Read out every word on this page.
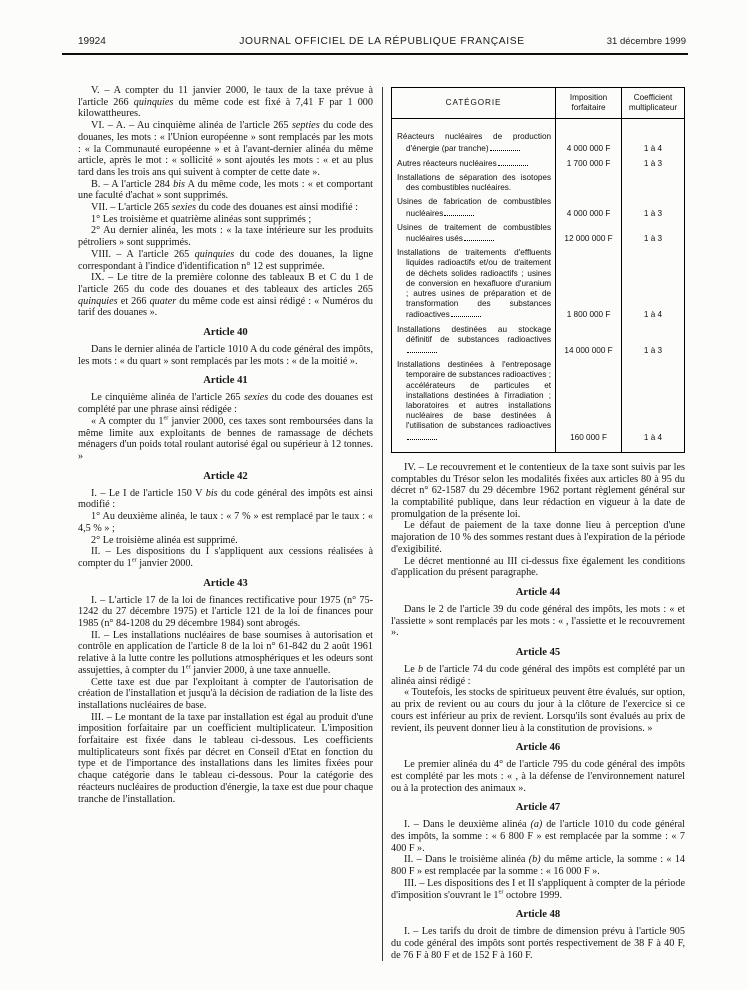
19924	JOURNAL OFFICIEL DE LA RÉPUBLIQUE FRANÇAISE	31 décembre 1999

V. – A compter du 11 janvier 2000, le taux de la taxe prévue à l'article 266 quinquies du même code est fixé à 7,41 F par 1 000 kilowattheures.

VI. – A. – Au cinquième alinéa de l'article 265 septies du code des douanes, les mots : « l'Union européenne » sont remplacés par les mots : « la Communauté européenne » et à l'avant-dernier alinéa du même article, après le mot : « sollicité » sont ajoutés les mots : « et au plus tard dans les trois ans qui suivent à compter de cette date ».

B. – A l'article 284 bis A du même code, les mots : « et comportant une faculté d'achat » sont supprimés.

VII. – L'article 265 sexies du code des douanes est ainsi modifié :

1° Les troisième et quatrième alinéas sont supprimés ;

2° Au dernier alinéa, les mots : « la taxe intérieure sur les produits pétroliers » sont supprimés.

VIII. – A l'article 265 quinquies du code des douanes, la ligne correspondant à l'indice d'identification n° 12 est supprimée.

IX. – Le titre de la première colonne des tableaux B et C du 1 de l'article 265 du code des douanes et des tableaux des articles 265 quinquies et 266 quater du même code est ainsi rédigé : « Numéros du tarif des douanes ».

Article 40

Dans le dernier alinéa de l'article 1010 A du code général des impôts, les mots : « du quart » sont remplacés par les mots : « de la moitié ».

Article 41

Le cinquième alinéa de l'article 265 sexies du code des douanes est complété par une phrase ainsi rédigée :

« A compter du 1er janvier 2000, ces taxes sont remboursées dans la même limite aux exploitants de bennes de ramassage de déchets ménagers d'un poids total roulant autorisé égal ou supérieur à 12 tonnes. »

Article 42

I. – Le I de l'article 150 V bis du code général des impôts est ainsi modifié :

1° Au deuxième alinéa, le taux : « 7 % » est remplacé par le taux : « 4,5 % » ;

2° Le troisième alinéa est supprimé.

II. – Les dispositions du I s'appliquent aux cessions réalisées à compter du 1er janvier 2000.

Article 43

I. – L'article 17 de la loi de finances rectificative pour 1975 (n° 75-1242 du 27 décembre 1975) et l'article 121 de la loi de finances pour 1985 (n° 84-1208 du 29 décembre 1984) sont abrogés.

II. – Les installations nucléaires de base soumises à autorisation et contrôle en application de l'article 8 de la loi n° 61-842 du 2 août 1961 relative à la lutte contre les pollutions atmosphériques et les odeurs sont assujetties, à compter du 1er janvier 2000, à une taxe annuelle.

Cette taxe est due par l'exploitant à compter de l'autorisation de création de l'installation et jusqu'à la décision de radiation de la liste des installations nucléaires de base.

III. – Le montant de la taxe par installation est égal au produit d'une imposition forfaitaire par un coefficient multiplicateur. L'imposition forfaitaire est fixée dans le tableau ci-dessous. Les coefficients multiplicateurs sont fixés par décret en Conseil d'Etat en fonction du type et de l'importance des installations dans les limites fixées pour chaque catégorie dans le tableau ci-dessous. Pour la catégorie des réacteurs nucléaires de production d'énergie, la taxe est due pour chaque tranche de l'installation.

CATÉGORIE	Imposition forfaitaire	Coefficient multiplicateur

Réacteurs nucléaires de production d'énergie (par tranche)	4 000 000 F	1 à 4

Autres réacteurs nucléaires	1 700 000 F	1 à 3

Installations de séparation des isotopes des combustibles nucléaires.		

Usines de fabrication de combustibles nucléaires	4 000 000 F	1 à 3

Usines de traitement de combustibles nucléaires usés	12 000 000 F	1 à 3

Installations de traitements d'effluents liquides radioactifs et/ou de traitement de déchets solides radioactifs ; usines de conversion en hexafluore d'uranium ; autres usines de préparation et de transformation des substances radioactives	1 800 000 F	1 à 4

Installations destinées au stockage définitif de substances radioactives	14 000 000 F	1 à 3

Installations destinées à l'entreposage temporaire de substances radioactives ; accélérateurs de particules et installations destinées à l'irradiation ; laboratoires et autres installations nucléaires de base destinées à l'utilisation de substances radioactives	160 000 F	1 à 4

IV. – Le recouvrement et le contentieux de la taxe sont suivis par les comptables du Trésor selon les modalités fixées aux articles 80 à 95 du décret n° 62-1587 du 29 décembre 1962 portant règlement général sur la comptabilité publique, dans leur rédaction en vigueur à la date de promulgation de la présente loi.

Le défaut de paiement de la taxe donne lieu à perception d'une majoration de 10 % des sommes restant dues à l'expiration de la période d'exigibilité.

Le décret mentionné au III ci-dessus fixe également les conditions d'application du présent paragraphe.

Article 44

Dans le 2 de l'article 39 du code général des impôts, les mots : « et l'assiette » sont remplacés par les mots : « , l'assiette et le recouvrement ».

Article 45

Le b de l'article 74 du code général des impôts est complété par un alinéa ainsi rédigé :

« Toutefois, les stocks de spiritueux peuvent être évalués, sur option, au prix de revient ou au cours du jour à la clôture de l'exercice si ce cours est inférieur au prix de revient. Lorsqu'ils sont évalués au prix de revient, ils peuvent donner lieu à la constitution de provisions. »

Article 46

Le premier alinéa du 4° de l'article 795 du code général des impôts est complété par les mots : « , à la défense de l'environnement naturel ou à la protection des animaux ».

Article 47

I. – Dans le deuxième alinéa (a) de l'article 1010 du code général des impôts, la somme : « 6 800 F » est remplacée par la somme : « 7 400 F ».

II. – Dans le troisième alinéa (b) du même article, la somme : « 14 800 F » est remplacée par la somme : « 16 000 F ».

III. – Les dispositions des I et II s'appliquent à compter de la période d'imposition s'ouvrant le 1er octobre 1999.

Article 48

I. – Les tarifs du droit de timbre de dimension prévu à l'article 905 du code général des impôts sont portés respectivement de 38 F à 40 F, de 76 F à 80 F et de 152 F à 160 F.
